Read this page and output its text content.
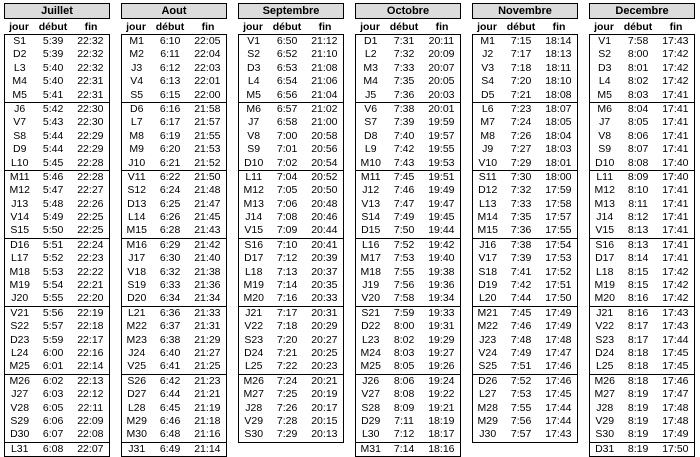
Juillet
jour début	fin
S1	5:39	22:32
D2	5:39	22:32
L3	5:40	22:32
M4	5:40	22:31
M5	5:41	22:31
J6	5:42	22:30
V7	5:43	22:30
S8	5:44	22:29
D9	5:44	22:29
L10	5:45	22:28
M11	5:46	22:28
M12	5:47	22:27
J13	5:48	22:26
V14	5:49	22:25
S15	5:50	22:25
D16	5:51	22:24
L17	5:52	22:23
M18	5:53	22:22
M19	5:54	22:21
J20	5:55	22:20
V21	5:56	22:19
S22	5:57	22:18
D23	5:59	22:17
L24	6:00	22:16
M25	6:01	22:14
M26	6:02	22:13
J27	6:03	22:12
V28	6:05	22:11
S29	6:06	22:09
D30	6:07	22:08
L31	6:08	22:07
Aout
jour début	fin
M1	6:10	22:05
M2	6:11	22:04
J3	6:12	22:03
V4	6:13	22:01
S5	6:15	22:00
D6	6:16	21:58
L7	6:17	21:57
M8	6:19	21:55
M9	6:20	21:53
J10	6:21	21:52
V11	6:22	21:50
S12	6:24	21:48
D13	6:25	21:47
L14	6:26	21:45
M15	6:28	21:43
M16	6:29	21:42
J17	6:30	21:40
V18	6:32	21:38
S19	6:33	21:36
D20	6:34	21:34
L21	6:36	21:33
M22	6:37	21:31
M23	6:38	21:29
J24	6:40	21:27
V25	6:41	21:25
S26	6:42	21:23
D27	6:44	21:21
L28	6:45	21:19
M29	6:46	21:18
M30	6:48	21:16
J31	6:49	21:14
Septembre
jour début	fin
V1	6:50	21:12
S2	6:52	21:10
D3	6:53	21:08
L4	6:54	21:06
M5	6:56	21:04
M6	6:57	21:02
J7	6:58	21:00
V8	7:00	20:58
S9	7:01	20:56
D10	7:02	20:54
L11	7:04	20:52
M12	7:05	20:50
M13	7:06	20:48
J14	7:08	20:46
V15	7:09	20:44
S16	7:10	20:41
D17	7:12	20:39
L18	7:13	20:37
M19	7:14	20:35
M20	7:16	20:33
J21	7:17	20:31
V22	7:18	20:29
S23	7:20	20:27
D24	7:21	20:25
L25	7:22	20:23
M26	7:24	20:21
M27	7:25	20:19
J28	7:26	20:17
V29	7:28	20:15
S30	7:29	20:13
Octobre
jour début	fin
D1	7:31	20:11
L2	7:32	20:09
M3	7:33	20:07
M4	7:35	20:05
J5	7:36	20:03
V6	7:38	20:01
S7	7:39	19:59
D8	7:40	19:57
L9	7:42	19:55
M10	7:43	19:53
M11	7:45	19:51
J12	7:46	19:49
V13	7:47	19:47
S14	7:49	19:45
D15	7:50	19:44
L16	7:52	19:42
M17	7:53	19:40
M18	7:55	19:38
J19	7:56	19:36
V20	7:58	19:34
S21	7:59	19:33
D22	8:00	19:31
L23	8:02	19:29
M24	8:03	19:27
M25	8:05	19:26
J26	8:06	19:24
V27	8:08	19:22
S28	8:09	19:21
D29	7:11	18:19
L30	7:12	18:17
M31	7:14	18:16
Novembre
jour début	fin
M1	7:15	18:14
J2	7:17	18:13
V3	7:18	18:11
S4	7:20	18:10
D5	7:21	18:08
L6	7:23	18:07
M7	7:24	18:05
M8	7:26	18:04
J9	7:27	18:03
V10	7:29	18:01
S11	7:30	18:00
D12	7:32	17:59
L13	7:33	17:58
M14	7:35	17:57
M15	7:36	17:55
J16	7:38	17:54
V17	7:39	17:53
S18	7:41	17:52
D19	7:42	17:51
L20	7:44	17:50
M21	7:45	17:49
M22	7:46	17:49
J23	7:48	17:48
V24	7:49	17:47
S25	7:51	17:46
D26	7:52	17:46
L27	7:53	17:45
M28	7:55	17:44
M29	7:56	17:44
J30	7:57	17:43
Decembre
jour début	fin
V1	7:58	17:43
S2	8:00	17:42
D3	8:01	17:42
L4	8:02	17:42
M5	8:03	17:41
M6	8:04	17:41
J7	8:05	17:41
V8	8:06	17:41
S9	8:07	17:41
D10	8:08	17:40
L11	8:09	17:40
M12	8:10	17:41
M13	8:11	17:41
J14	8:12	17:41
V15	8:13	17:41
S16	8:13	17:41
D17	8:14	17:41
L18	8:15	17:42
M19	8:15	17:42
M20	8:16	17:42
J21	8:16	17:43
V22	8:17	17:43
S23	8:17	17:44
D24	8:18	17:45
L25	8:18	17:45
M26	8:18	17:46
M27	8:19	17:47
J28	8:19	17:48
V29	8:19	17:48
S30	8:19	17:49
D31	8:19	17:50
